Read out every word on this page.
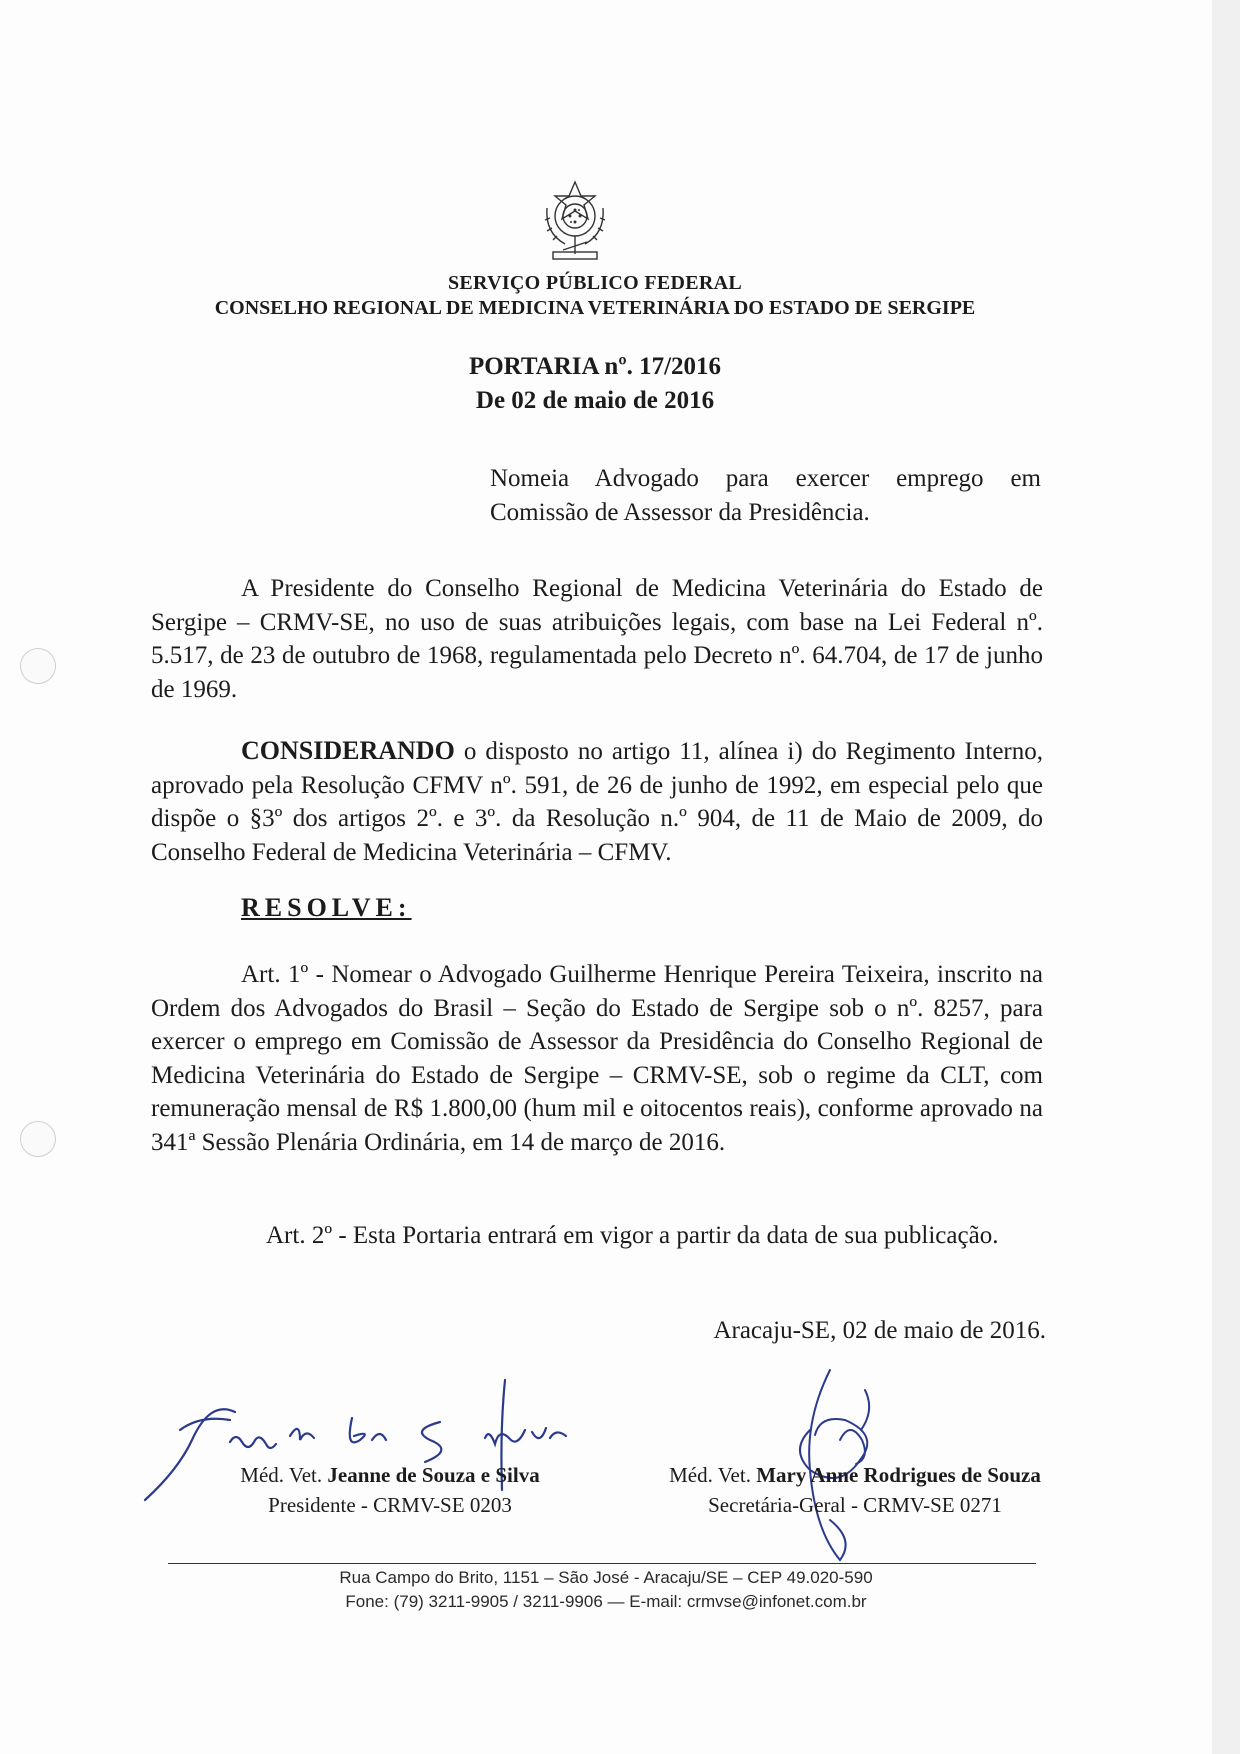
SERVIÇO PÚBLICO FEDERAL
CONSELHO REGIONAL DE MEDICINA VETERINÁRIA DO ESTADO DE SERGIPE
PORTARIA nº. 17/2016
De 02 de maio de 2016
Nomeia Advogado para exercer emprego em Comissão de Assessor da Presidência.
A Presidente do Conselho Regional de Medicina Veterinária do Estado de Sergipe – CRMV-SE, no uso de suas atribuições legais, com base na Lei Federal nº. 5.517, de 23 de outubro de 1968, regulamentada pelo Decreto nº. 64.704, de 17 de junho de 1969.
CONSIDERANDO o disposto no artigo 11, alínea i) do Regimento Interno, aprovado pela Resolução CFMV nº. 591, de 26 de junho de 1992, em especial pelo que dispõe o §3º dos artigos 2º. e 3º. da Resolução n.º 904, de 11 de Maio de 2009, do Conselho Federal de Medicina Veterinária – CFMV.
RESOLVE:
Art. 1º - Nomear o Advogado Guilherme Henrique Pereira Teixeira, inscrito na Ordem dos Advogados do Brasil – Seção do Estado de Sergipe sob o nº. 8257, para exercer o emprego em Comissão de Assessor da Presidência do Conselho Regional de Medicina Veterinária do Estado de Sergipe – CRMV-SE, sob o regime da CLT, com remuneração mensal de R$ 1.800,00 (hum mil e oitocentos reais), conforme aprovado na 341ª Sessão Plenária Ordinária, em 14 de março de 2016.
Art. 2º - Esta Portaria entrará em vigor a partir da data de sua publicação.
Aracaju-SE, 02 de maio de 2016.
Méd. Vet. Jeanne de Souza e Silva
Presidente - CRMV-SE 0203
Méd. Vet. Mary Anne Rodrigues de Souza
Secretária-Geral - CRMV-SE 0271
Rua Campo do Brito, 1151 – São José - Aracaju/SE – CEP 49.020-590
Fone: (79) 3211-9905 / 3211-9906 — E-mail: crmvse@infonet.com.br
